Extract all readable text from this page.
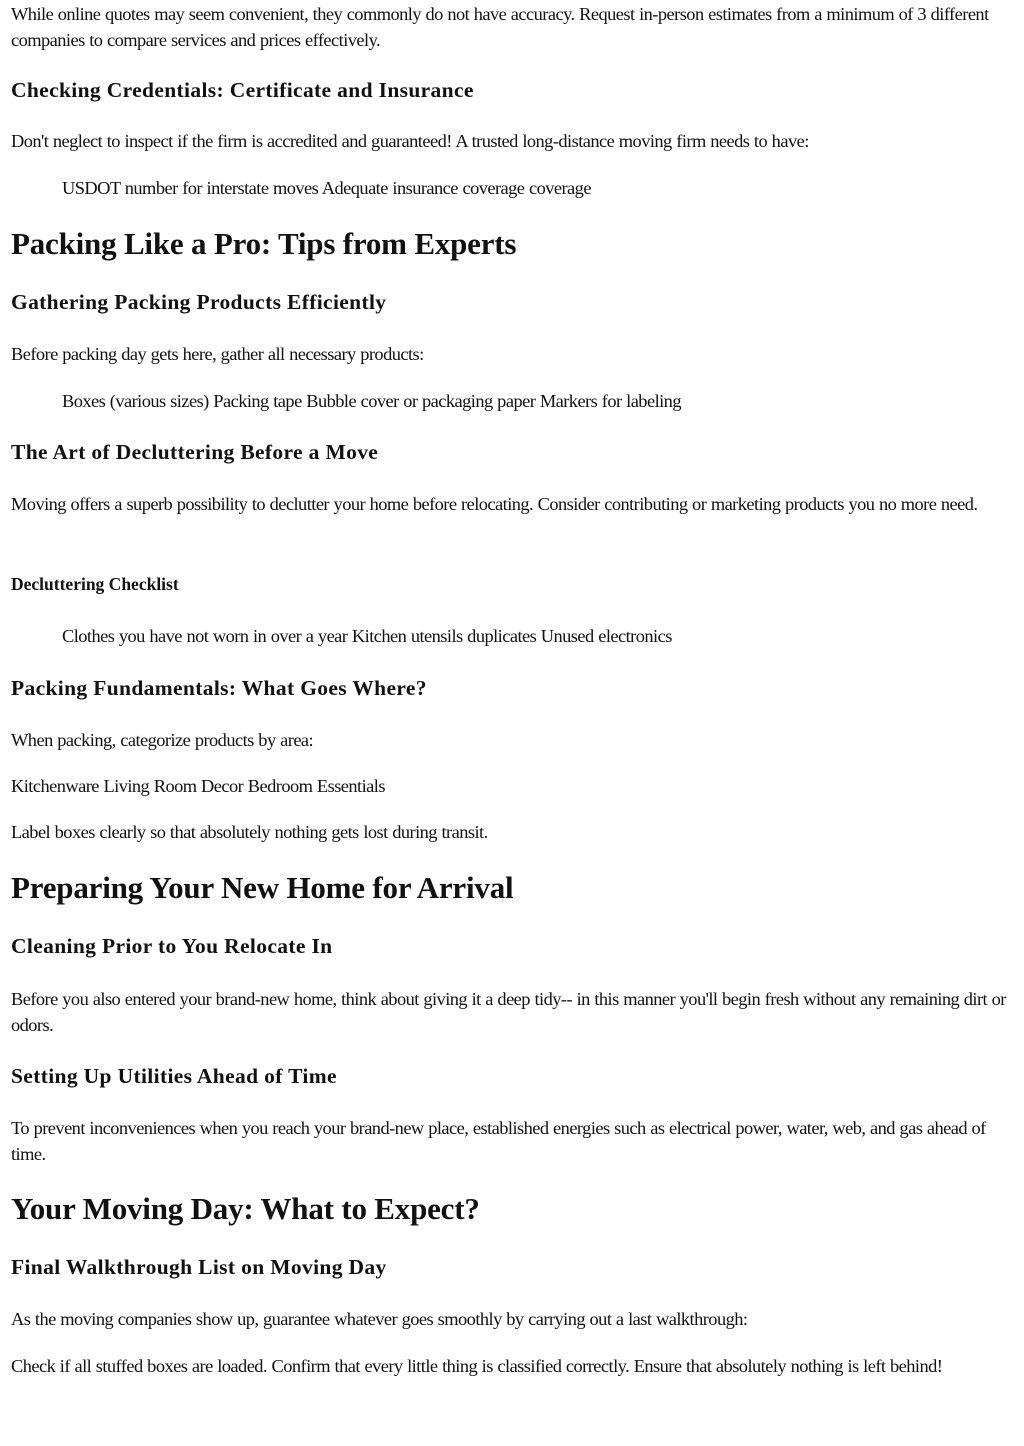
While online quotes may seem convenient, they commonly do not have accuracy. Request in-person estimates from a minimum of 3 different companies to compare services and prices effectively.

Checking Credentials: Certificate and Insurance

Don't neglect to inspect if the firm is accredited and guaranteed! A trusted long-distance moving firm needs to have:

USDOT number for interstate moves Adequate insurance coverage coverage

Packing Like a Pro: Tips from Experts
Gathering Packing Products Efficiently

Before packing day gets here, gather all necessary products:

Boxes (various sizes) Packing tape Bubble cover or packaging paper Markers for labeling

The Art of Decluttering Before a Move

Moving offers a superb possibility to declutter your home before relocating. Consider contributing or marketing products you no more need.

Decluttering Checklist

Clothes you have not worn in over a year Kitchen utensils duplicates Unused electronics

Packing Fundamentals: What Goes Where?

When packing, categorize products by area:

Kitchenware Living Room Decor Bedroom Essentials

Label boxes clearly so that absolutely nothing gets lost during transit.

Preparing Your New Home for Arrival
Cleaning Prior to You Relocate In

Before you also entered your brand-new home, think about giving it a deep tidy-- in this manner you'll begin fresh without any remaining dirt or odors.

Setting Up Utilities Ahead of Time

To prevent inconveniences when you reach your brand-new place, established energies such as electrical power, water, web, and gas ahead of time.

Your Moving Day: What to Expect?
Final Walkthrough List on Moving Day

As the moving companies show up, guarantee whatever goes smoothly by carrying out a last walkthrough:

Check if all stuffed boxes are loaded. Confirm that every little thing is classified correctly. Ensure that absolutely nothing is left behind!
